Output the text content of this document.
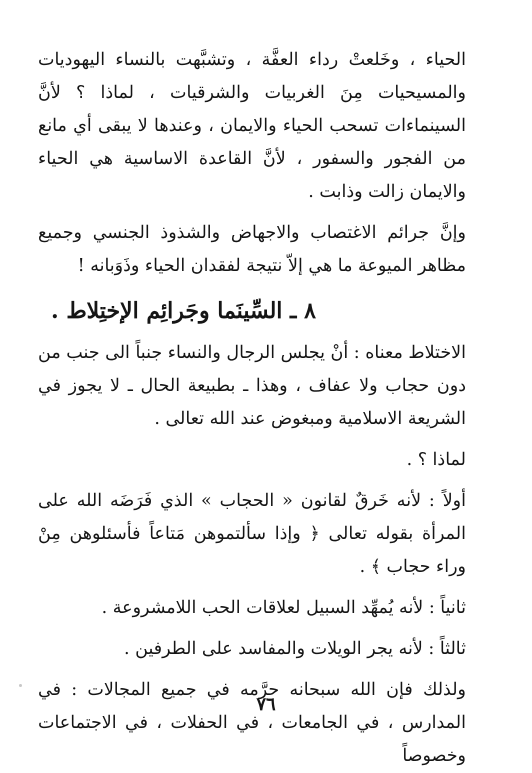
الحياء ، وخَلعتْ رداء العفَّة ، وتشبَّهت بالنساء اليهوديات والمسيحيات مِنَ الغربيات والشرقيات ، لماذا ؟ لأنَّ السينماءات تسحب الحياء والايمان ، وعندها لا يبقى أي مانع من الفجور والسفور ، لأنَّ القاعدة الاساسية هي الحياء والايمان زالت وذابت .

وإنَّ جرائم الاغتصاب والاجهاض والشذوذ الجنسي وجميع مظاهر الميوعة ما هي إلاّ نتيجة لفقدان الحياء وذَوَبانه !

٨ ـ السِّينَما وجَرائِم الإختِلاط .

الاختلاط معناه : أنْ يجلس الرجال والنساء جنباً الى جنب من دون حجاب ولا عفاف ، وهذا ـ بطبيعة الحال ـ لا يجوز في الشريعة الاسلامية ومبغوض عند الله تعالى .

لماذا ؟ .

أولاً : لأنه خَرقٌ لقانون « الحجاب » الذي فَرَضَه الله على المرأة بقوله تعالى ﴿ وإذا سألتموهن مَتاعاً فأسئلوهن مِنْ وراء حجاب ﴾ .

ثانياً : لأنه يُمهِّد السبيل لعلاقات الحب اللامشروعة .

ثالثاً : لأنه يجر الويلات والمفاسد على الطرفين .

ولذلك فإن الله سبحانه حرَّمه في جميع المجالات : في المدارس ، في الجامعات ، في الحفلات ، في الاجتماعات وخصوصاً

٧٦
